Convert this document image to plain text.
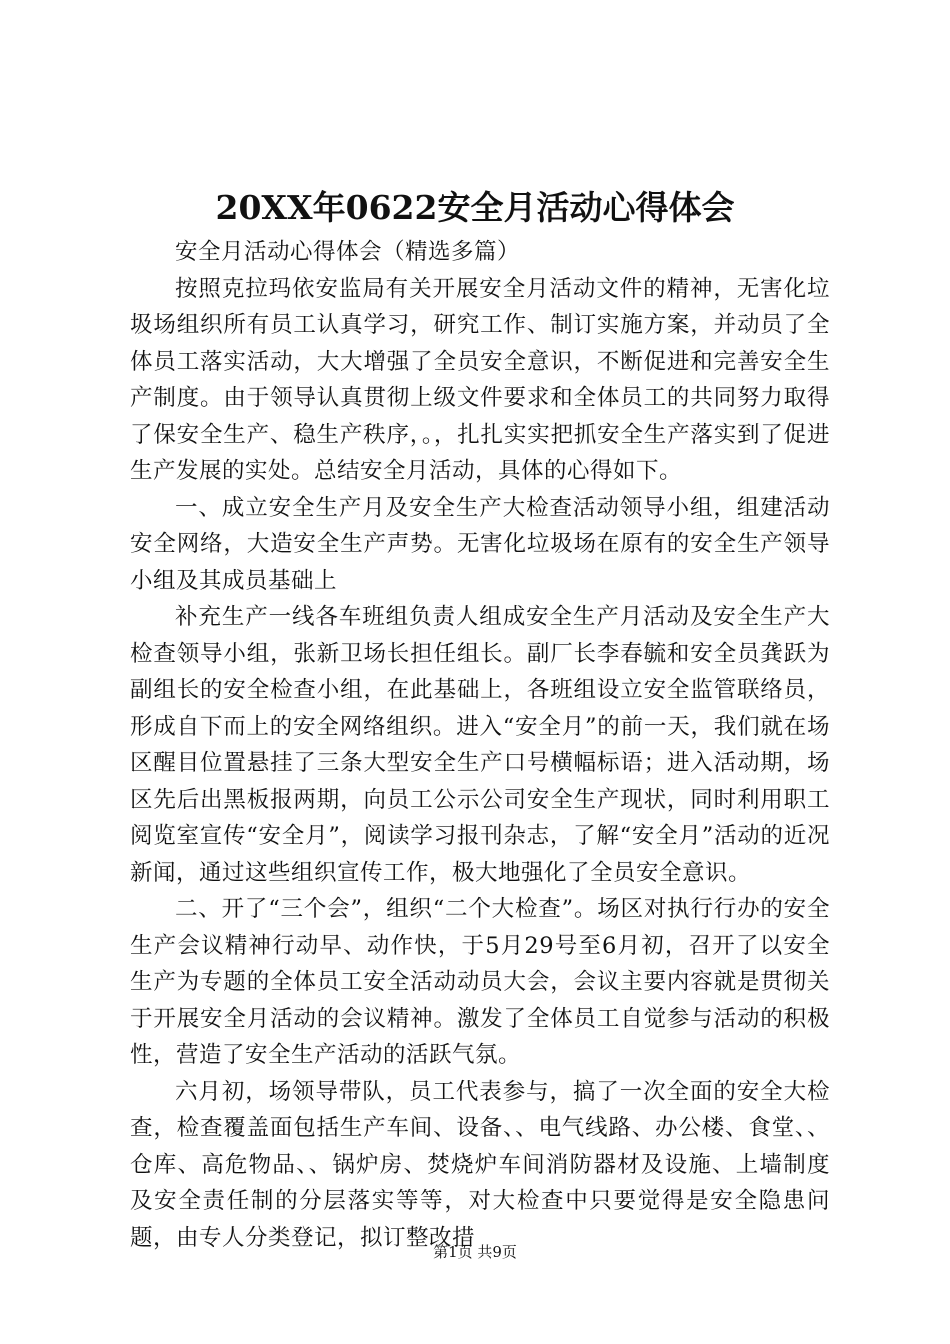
20XX年0622安全月活动心得体会

安全月活动心得体会（精选多篇）

按照克拉玛依安监局有关开展安全月活动文件的精神，无害化垃圾场组织所有员工认真学习，研究工作、制订实施方案，并动员了全体员工落实活动，大大增强了全员安全意识，不断促进和完善安全生产制度。由于领导认真贯彻上级文件要求和全体员工的共同努力取得了保安全生产、稳生产秩序，。，扎扎实实把抓安全生产落实到了促进生产发展的实处。总结安全月活动，具体的心得如下。

一、成立安全生产月及安全生产大检查活动领导小组，组建活动安全网络，大造安全生产声势。无害化垃圾场在原有的安全生产领导小组及其成员基础上

补充生产一线各车班组负责人组成安全生产月活动及安全生产大检查领导小组，张新卫场长担任组长。副厂长李春毓和安全员龚跃为副组长的安全检查小组，在此基础上，各班组设立安全监管联络员，形成自下而上的安全网络组织。进入“安全月”的前一天，我们就在场区醒目位置悬挂了三条大型安全生产口号横幅标语；进入活动期，场区先后出黑板报两期，向员工公示公司安全生产现状，同时利用职工阅览室宣传“安全月”，阅读学习报刊杂志，了解“安全月”活动的近况新闻，通过这些组织宣传工作，极大地强化了全员安全意识。

二、开了“三个会”，组织“二个大检查”。场区对执行行办的安全生产会议精神行动早、动作快，于5月29号至6月初，召开了以安全生产为专题的全体员工安全活动动员大会，会议主要内容就是贯彻关于开展安全月活动的会议精神。激发了全体员工自觉参与活动的积极性，营造了安全生产活动的活跃气氛。

六月初，场领导带队，员工代表参与，搞了一次全面的安全大检查，检查覆盖面包括生产车间、设备、、电气线路、办公楼、食堂、、仓库、高危物品、、锅炉房、焚烧炉车间消防器材及设施、上墙制度及安全责任制的分层落实等等，对大检查中只要觉得是安全隐患问题，由专人分类登记，拟订整改措

第1页 共9页
